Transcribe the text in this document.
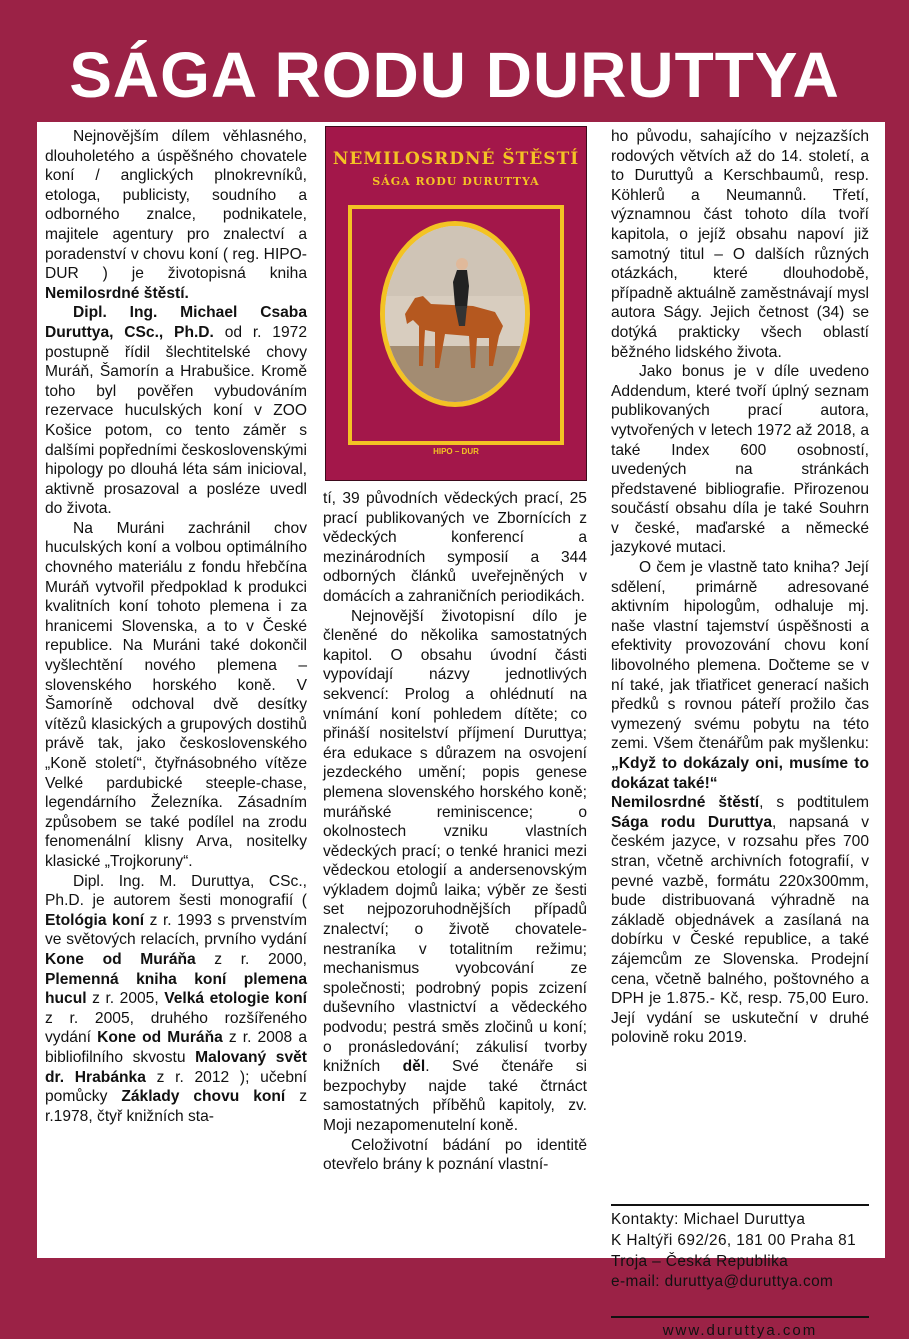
SÁGA RODU DURUTTYA

Nejnovějším dílem věhlasného, dlouholetého a úspěšného chovatele koní / anglických plnokrevníků, etologa, publicisty, soudního a odborného znalce, podnikatele, majitele agentury pro znalectví a poradenství v chovu koní ( reg. HIPO-DUR ) je životopisná kniha Nemilosrdné štěstí.

Dipl. Ing. Michael Csaba Duruttya, CSc., Ph.D. od r. 1972 postupně řídil šlechtitelské chovy Muráň, Šamorín a Hrabušice. Kromě toho byl pověřen vybudováním rezervace huculských koní v ZOO Košice potom, co tento záměr s dalšími popředními československými hipology po dlouhá léta sám inicioval, aktivně prosazoval a posléze uvedl do života.

Na Muráni zachránil chov huculských koní a volbou optimálního chovného materiálu z fondu hřebčína Muráň vytvořil předpoklad k produkci kvalitních koní tohoto plemena i za hranicemi Slovenska, a to v České republice. Na Muráni také dokončil vyšlechtění nového plemena – slovenského horského koně. V Šamoríně odchoval dvě desítky vítězů klasických a grupových dostihů právě tak, jako československého „Koně století“, čtyřnásobného vítěze Velké pardubické steeple-chase, legendárního Železníka. Zásadním způsobem se také podílel na zrodu fenomenální klisny Arva, nositelky klasické „Trojkoruny“.

Dipl. Ing. M. Duruttya, CSc., Ph.D. je autorem šesti monografií ( Etológia koní z r. 1993 s prvenstvím ve světových relacích, prvního vydání Kone od Muráňa z r. 2000, Plemenná kniha koní plemena hucul z r. 2005, Velká etologie koní z r. 2005, druhého rozšířeného vydání Kone od Muráňa z r. 2008 a bibliofilního skvostu Malovaný svět dr. Hrabánka z r. 2012 ); učební pomůcky Základy chovu koní z r.1978, čtyř knižních sta-

NEMILOSRDNÉ ŠTĚSTÍ
SÁGA RODU DURUTTYA
HIPO – DUR

tí, 39 původních vědeckých prací, 25 prací publikovaných ve Zbornících z vědeckých konferencí a mezinárodních symposií a 344 odborných článků uveřejněných v domácích a zahraničních periodikách.

Nejnovější životopisní dílo je členěné do několika samostatných kapitol. O obsahu úvodní části vypovídají názvy jednotlivých sekvencí: Prolog a ohlédnutí na vnímání koní pohledem dítěte; co přináší nositelství příjmení Duruttya; éra edukace s důrazem na osvojení jezdeckého umění; popis genese plemena slovenského horského koně; muráňské reminiscence; o okolnostech vzniku vlastních vědeckých prací; o tenké hranici mezi vědeckou etologií a andersenovským výkladem dojmů laika; výběr ze šesti set nejpozoruhodnějších případů znalectví; o životě chovatele-nestraníka v totalitním režimu; mechanismus vyobcování ze společnosti; podrobný popis zcizení duševního vlastnictví a vědeckého podvodu; pestrá směs zločinů u koní; o pronásledování; zákulisí tvorby knižních děl. Své čtenáře si bezpochyby najde také čtrnáct samostatných příběhů kapitoly, zv. Moji nezapomenutelní koně.

Celoživotní bádání po identitě otevřelo brány k poznání vlastní-

ho původu, sahajícího v nejzazších rodových větvích až do 14. století, a to Duruttyů a Kerschbaumů, resp. Köhlerů a Neumannů. Třetí, významnou část tohoto díla tvoří kapitola, o jejíž obsahu napoví již samotný titul – O dalších různých otázkách, které dlouhodobě, případně aktuálně zaměstnávají mysl autora Ságy. Jejich četnost (34) se dotýká prakticky všech oblastí běžného lidského života.

Jako bonus je v díle uvedeno Addendum, které tvoří úplný seznam publikovaných prací autora, vytvořených v letech 1972 až 2018, a také Index 600 osobností, uvedených na stránkách představené bibliografie. Přirozenou součástí obsahu díla je také Souhrn v české, maďarské a německé jazykové mutaci.

O čem je vlastně tato kniha? Její sdělení, primárně adresované aktivním hipologům, odhaluje mj. naše vlastní tajemství úspěšnosti a efektivity provozování chovu koní libovolného plemena. Dočteme se v ní také, jak třiatřicet generací našich předků s rovnou páteří prožilo čas vymezený svému pobytu na této zemi. Všem čtenářům pak myšlenku: „Když to dokázaly oni, musíme to dokázat také!“

Nemilosrdné štěstí, s podtitulem Sága rodu Duruttya, napsaná v českém jazyce, v rozsahu přes 700 stran, včetně archivních fotografií, v pevné vazbě, formátu 220x300mm, bude distribuovaná výhradně na základě objednávek a zasílaná na dobírku v České republice, a také zájemcům ze Slovenska. Prodejní cena, včetně balného, poštovného a DPH je 1.875.- Kč, resp. 75,00 Euro. Její vydání se uskuteční v druhé polovině roku 2019.

Kontakty: Michael Duruttya
K Haltýři 692/26, 181 00 Praha 81
Troja – Česká Republika
e-mail: duruttya@duruttya.com
www.duruttya.com
